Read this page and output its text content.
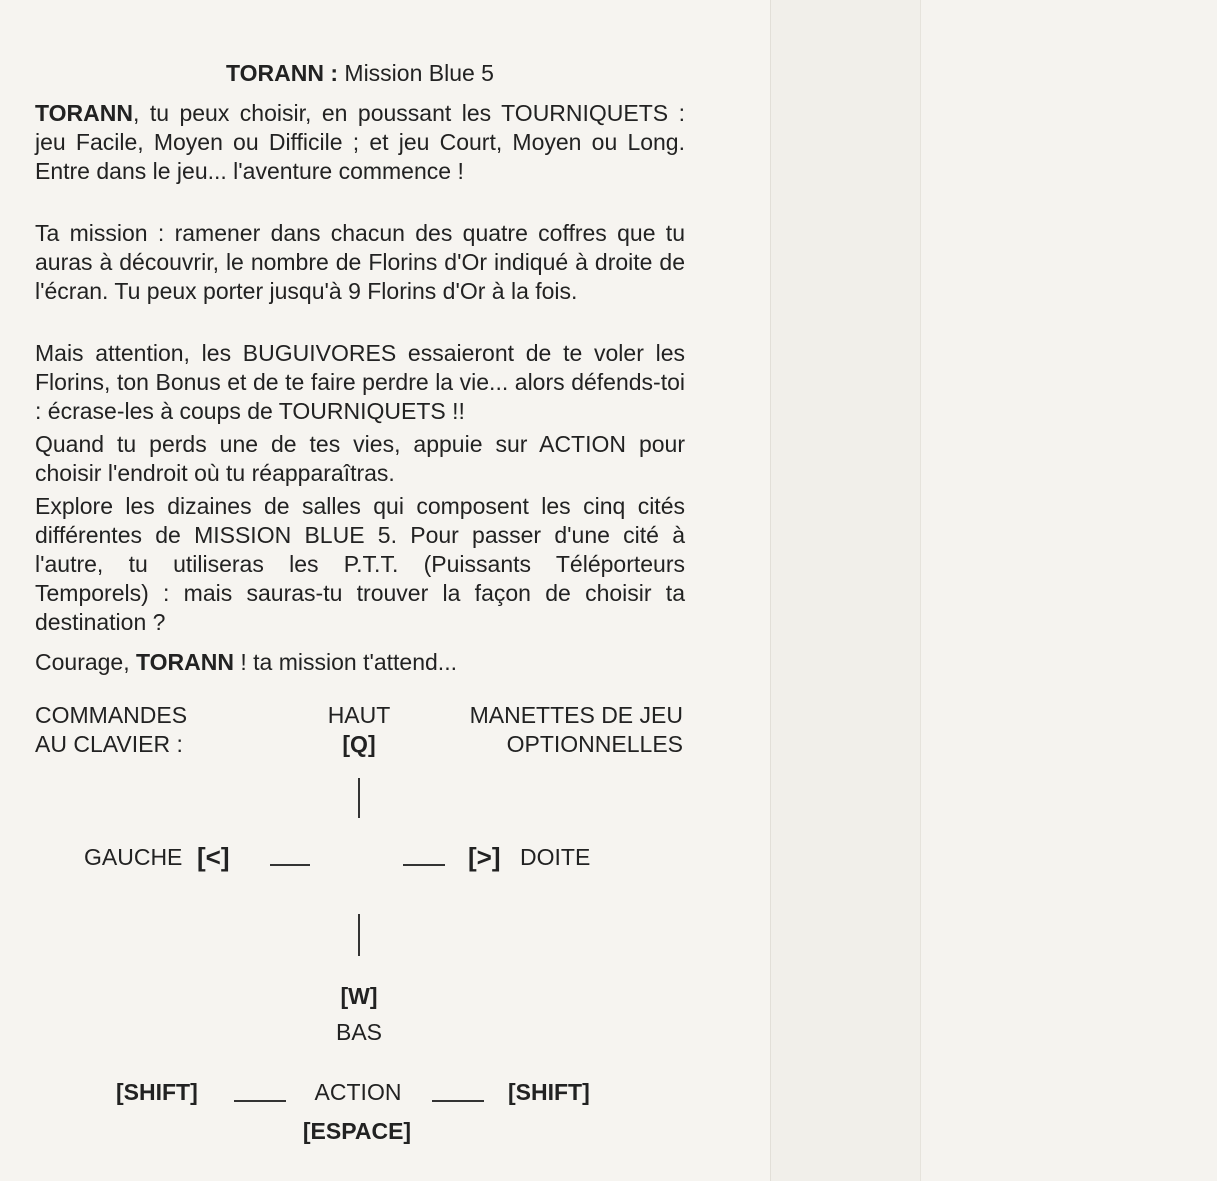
TORANN : Mission Blue 5
TORANN, tu peux choisir, en poussant les TOURNIQUETS : jeu Facile, Moyen ou Difficile ; et jeu Court, Moyen ou Long. Entre dans le jeu... l'aventure commence !
Ta mission : ramener dans chacun des quatre coffres que tu auras à découvrir, le nombre de Florins d'Or indiqué à droite de l'écran. Tu peux porter jusqu'à 9 Florins d'Or à la fois.
Mais attention, les BUGUIVORES essaieront de te voler les Florins, ton Bonus et de te faire perdre la vie... alors défends-toi : écrase-les à coups de TOURNIQUETS !!
Quand tu perds une de tes vies, appuie sur ACTION pour choisir l'endroit où tu réapparaîtras.
Explore les dizaines de salles qui composent les cinq cités différentes de MISSION BLUE 5. Pour passer d'une cité à l'autre, tu utiliseras les P.T.T. (Puissants Téléporteurs Temporels) : mais sauras-tu trouver la façon de choisir ta destination ?
Courage, TORANN ! ta mission t'attend...
COMMANDES
AU CLAVIER :
MANETTES DE JEU
OPTIONNELLES
HAUT
[Q]
GAUCHE [<]	[>] DOITE
[W]
BAS
[SHIFT]	ACTION	[SHIFT]
[ESPACE]
